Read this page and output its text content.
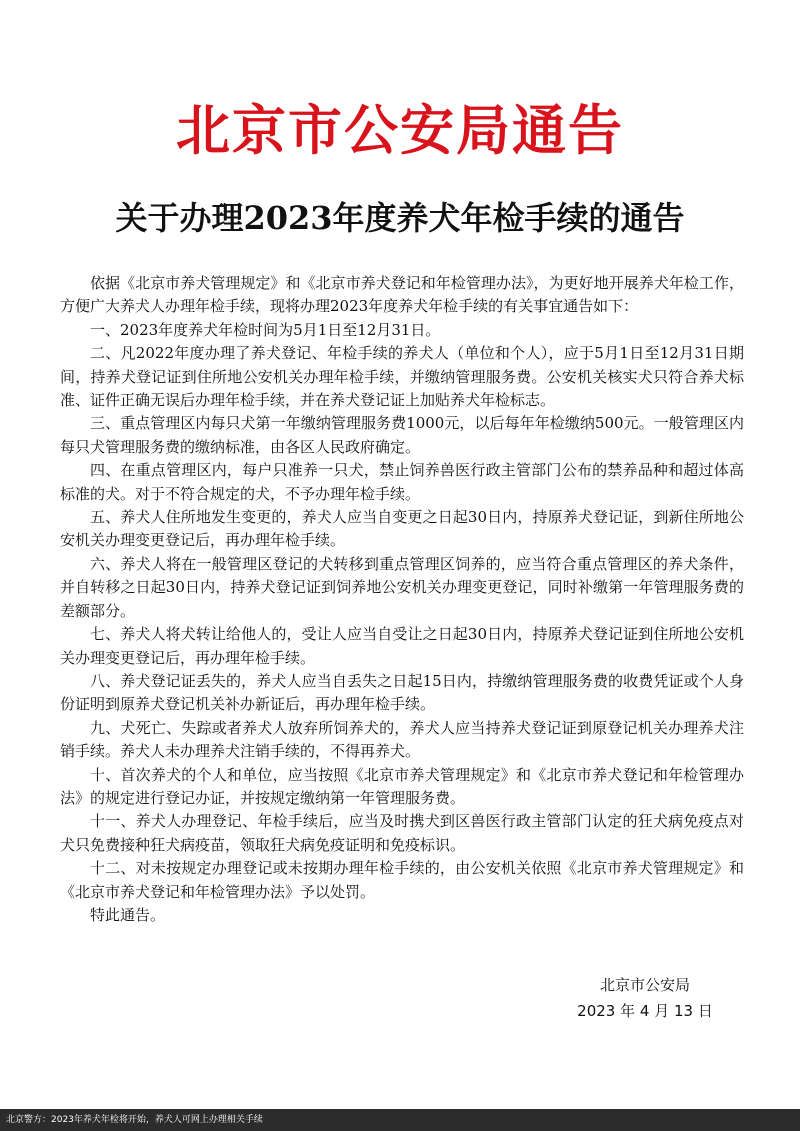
北京市公安局通告
关于办理2023年度养犬年检手续的通告

依据《北京市养犬管理规定》和《北京市养犬登记和年检管理办法》，为更好地开展养犬年检工作，方便广大养犬人办理年检手续，现将办理2023年度养犬年检手续的有关事宜通告如下：

一、2023年度养犬年检时间为5月1日至12月31日。

二、凡2022年度办理了养犬登记、年检手续的养犬人（单位和个人），应于5月1日至12月31日期间，持养犬登记证到住所地公安机关办理年检手续，并缴纳管理服务费。公安机关核实犬只符合养犬标准、证件正确无误后办理年检手续，并在养犬登记证上加贴养犬年检标志。

三、重点管理区内每只犬第一年缴纳管理服务费1000元，以后每年年检缴纳500元。一般管理区内每只犬管理服务费的缴纳标准，由各区人民政府确定。

四、在重点管理区内，每户只准养一只犬，禁止饲养兽医行政主管部门公布的禁养品种和超过体高标准的犬。对于不符合规定的犬，不予办理年检手续。

五、养犬人住所地发生变更的，养犬人应当自变更之日起30日内，持原养犬登记证，到新住所地公安机关办理变更登记后，再办理年检手续。

六、养犬人将在一般管理区登记的犬转移到重点管理区饲养的，应当符合重点管理区的养犬条件，并自转移之日起30日内，持养犬登记证到饲养地公安机关办理变更登记，同时补缴第一年管理服务费的差额部分。

七、养犬人将犬转让给他人的，受让人应当自受让之日起30日内，持原养犬登记证到住所地公安机关办理变更登记后，再办理年检手续。

八、养犬登记证丢失的，养犬人应当自丢失之日起15日内，持缴纳管理服务费的收费凭证或个人身份证明到原养犬登记机关补办新证后，再办理年检手续。

九、犬死亡、失踪或者养犬人放弃所饲养犬的，养犬人应当持养犬登记证到原登记机关办理养犬注销手续。养犬人未办理养犬注销手续的，不得再养犬。

十、首次养犬的个人和单位，应当按照《北京市养犬管理规定》和《北京市养犬登记和年检管理办法》的规定进行登记办证，并按规定缴纳第一年管理服务费。

十一、养犬人办理登记、年检手续后，应当及时携犬到区兽医行政主管部门认定的狂犬病免疫点对犬只免费接种狂犬病疫苗，领取狂犬病免疫证明和免疫标识。

十二、对未按规定办理登记或未按期办理年检手续的，由公安机关依照《北京市养犬管理规定》和《北京市养犬登记和年检管理办法》予以处罚。

特此通告。

北京市公安局
2023 年 4 月 13 日
北京警方：2023年养犬年检将开始，养犬人可网上办理相关手续
